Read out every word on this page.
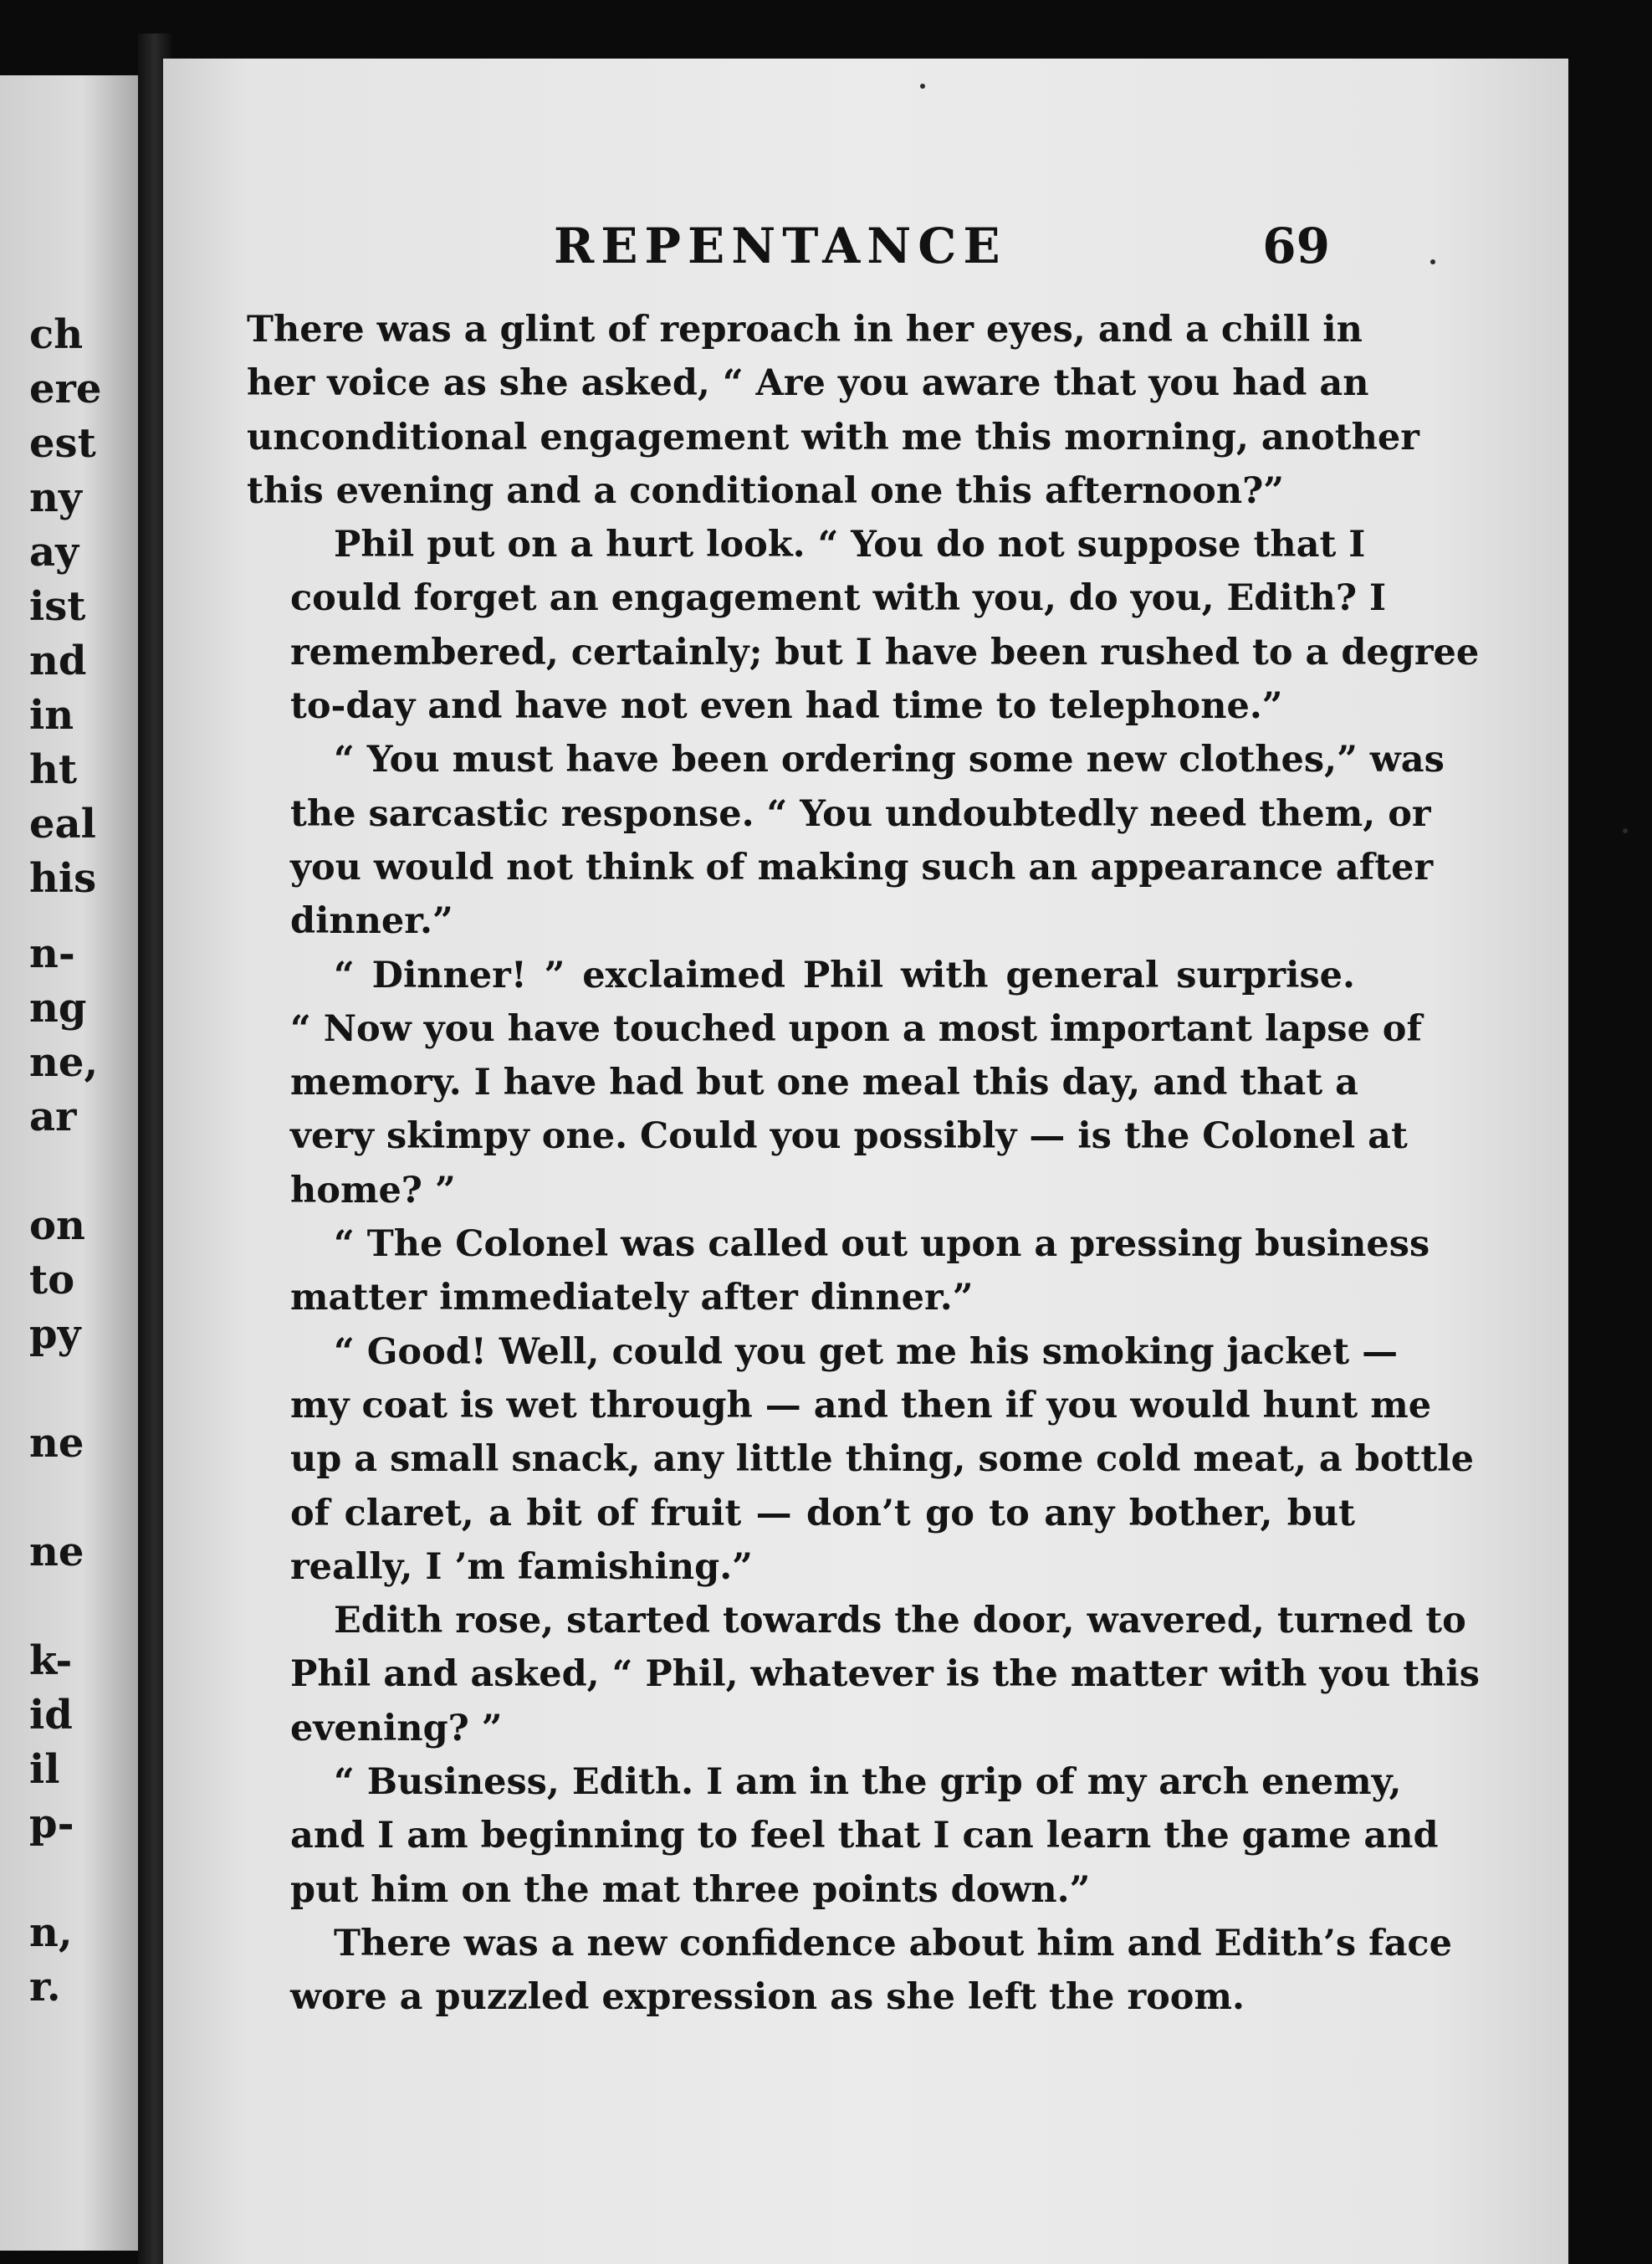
ch
ere
est
ny
ay
ist
nd
in
ht
eal
his
n-
ng
ne,
ar
on
to
py
ne
ne
k-
id
il
p-
n,
r.
REPENTANCE	69
There was a glint of reproach in her eyes, and a chill in
her voice as she asked, “ Are you aware that you had an
unconditional engagement with me this morning, another
this evening and a conditional one this afternoon?”
Phil put on a hurt look. “ You do not suppose that I
could forget an engagement with you, do you, Edith? I
remembered, certainly; but I have been rushed to a degree
to-day and have not even had time to telephone.”
“ You must have been ordering some new clothes,” was
the sarcastic response. “ You undoubtedly need them, or
you would not think of making such an appearance after
dinner.”
“ Dinner! ” exclaimed Phil with general surprise.
“ Now you have touched upon a most important lapse of
memory. I have had but one meal this day, and that a
very skimpy one. Could you possibly — is the Colonel at
home? ”
“ The Colonel was called out upon a pressing business
matter immediately after dinner.”
“ Good! Well, could you get me his smoking jacket —
my coat is wet through — and then if you would hunt me
up a small snack, any little thing, some cold meat, a bottle
of claret, a bit of fruit — don’t go to any bother, but
really, I ’m famishing.”
Edith rose, started towards the door, wavered, turned to
Phil and asked, “ Phil, whatever is the matter with you this
evening? ”
“ Business, Edith. I am in the grip of my arch enemy,
and I am beginning to feel that I can learn the game and
put him on the mat three points down.”
There was a new confidence about him and Edith’s face
wore a puzzled expression as she left the room.
